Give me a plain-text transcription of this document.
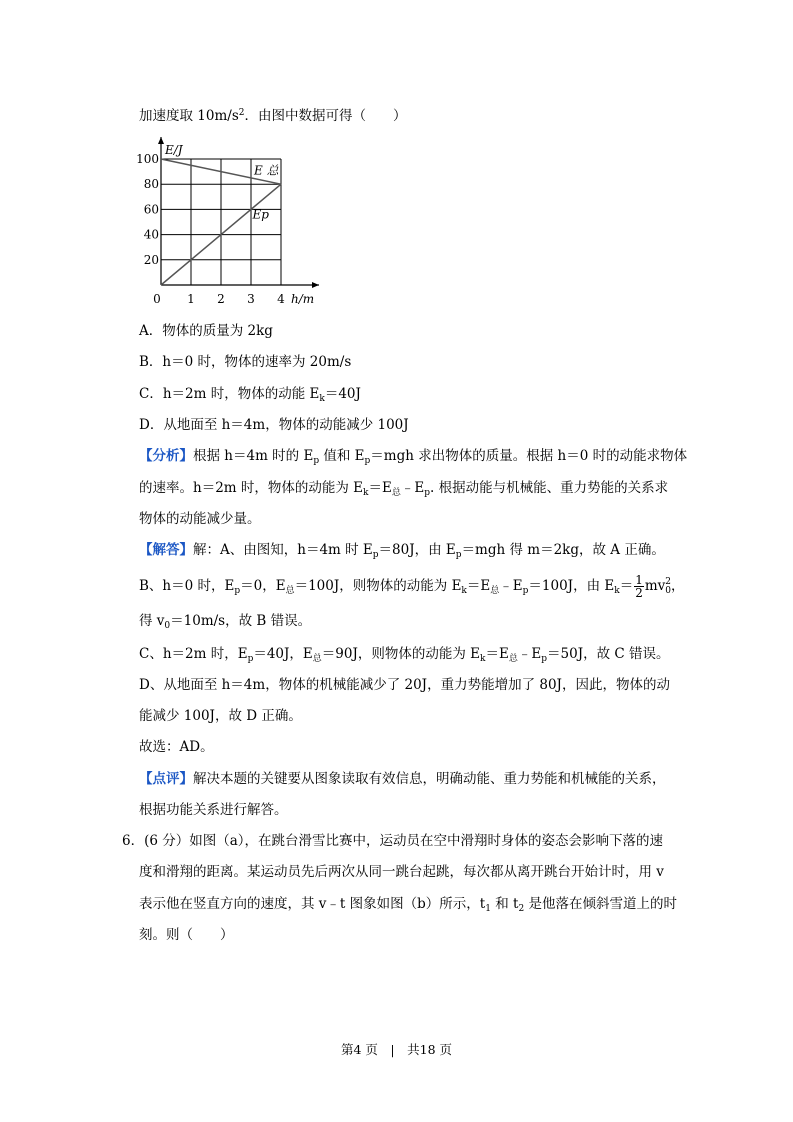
加速度取 $10m/s^2$．由图中数据可得（　　）
0 1 2 3 4
20
40
60
80
100
E/J
h/m
E 总
Ep
A．物体的质量为 2kg
B．h＝0 时，物体的速率为 20m/s
C．h＝2m 时，物体的动能 $E_k=40J$
D．从地面至 h＝4m，物体的动能减少 100J
【分析】根据 h＝4m 时的 $E_p$ 值和 $E_p=mgh$ 求出物体的质量。根据 h＝0 时的动能求物体
的速率。h＝2m 时，物体的动能为 $E_k=E_总﹣E_p$. 根据动能与机械能、重力势能的关系求
物体的动能减少量。
【解答】解：A、由图知，h＝4m 时 $E_p=80J$，由 $E_p=mgh$ 得 m＝2kg，故 A 正确。
B、h＝0 时，$E_p=0$，$E_总=100J$，则物体的动能为 $E_k=E_总﹣E_p=100J$，由 $E_k= \frac{1}{2}$ mv 2
0 ，
得 $v_0=10m/s$，故 B 错误。
C、h＝2m 时，$E_p=40J$，$E_总=90J$，则物体的动能为 $E_k=E_总﹣E_p=50J$，故 C 错误。
D、从地面至 h＝4m，物体的机械能减少了 20J，重力势能增加了 80J，因此，物体的动
能减少 100J，故 D 正确。
故选：AD。
【点评】解决本题的关键要从图象读取有效信息，明确动能、重力势能和机械能的关系，
根据功能关系进行解答。
6．(6 分）如图（a），在跳台滑雪比赛中，运动员在空中滑翔时身体的姿态会影响下落的速
度和滑翔的距离。某运动员先后两次从同一跳台起跳，每次都从离开跳台开始计时，用 v
表示他在竖直方向的速度，其 v﹣t 图象如图（b）所示，$t_1$ 和 $t_2$ 是他落在倾斜雪道上的时
刻。则（　　）
第4 页　|　共18 页
